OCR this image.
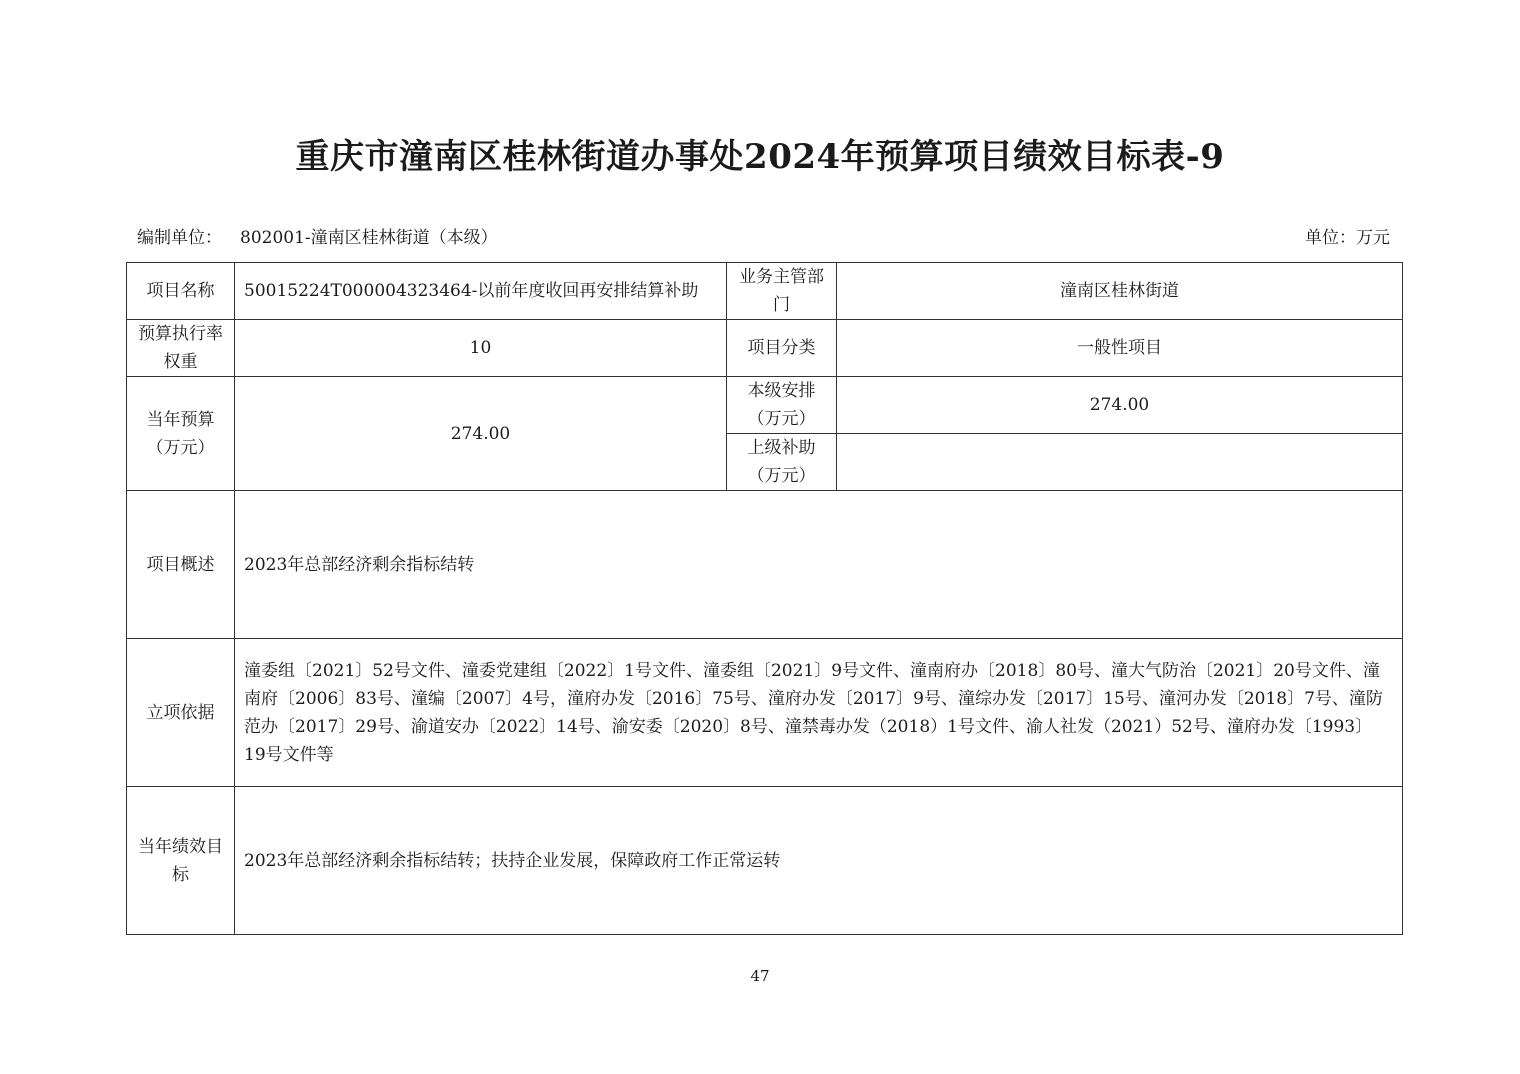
重庆市潼南区桂林街道办事处2024年预算项目绩效目标表-9
编制单位： 802001-潼南区桂林街道（本级）	单位：万元
项目名称	50015224T000004323464-以前年度收回再安排结算补助	业务主管部门	潼南区桂林街道
预算执行率权重	10	项目分类	一般性项目
当年预算（万元）	274.00	本级安排（万元）	274.00
		上级补助（万元）	
项目概述	2023年总部经济剩余指标结转		
立项依据	潼委组〔2021〕52号文件、潼委党建组〔2022〕1号文件、潼委组〔2021〕9号文件、潼南府办〔2018〕80号、潼大气防治〔2021〕20号文件、潼南府〔2006〕83号、潼编〔2007〕4号，潼府办发〔2016〕75号、潼府办发〔2017〕9号、潼综办发〔2017〕15号、潼河办发〔2018〕7号、潼防范办〔2017〕29号、渝道安办〔2022〕14号、渝安委〔2020〕8号、潼禁毒办发（2018）1号文件、渝人社发（2021）52号、潼府办发〔1993〕19号文件等		
当年绩效目标	2023年总部经济剩余指标结转；扶持企业发展，保障政府工作正常运转		
47
